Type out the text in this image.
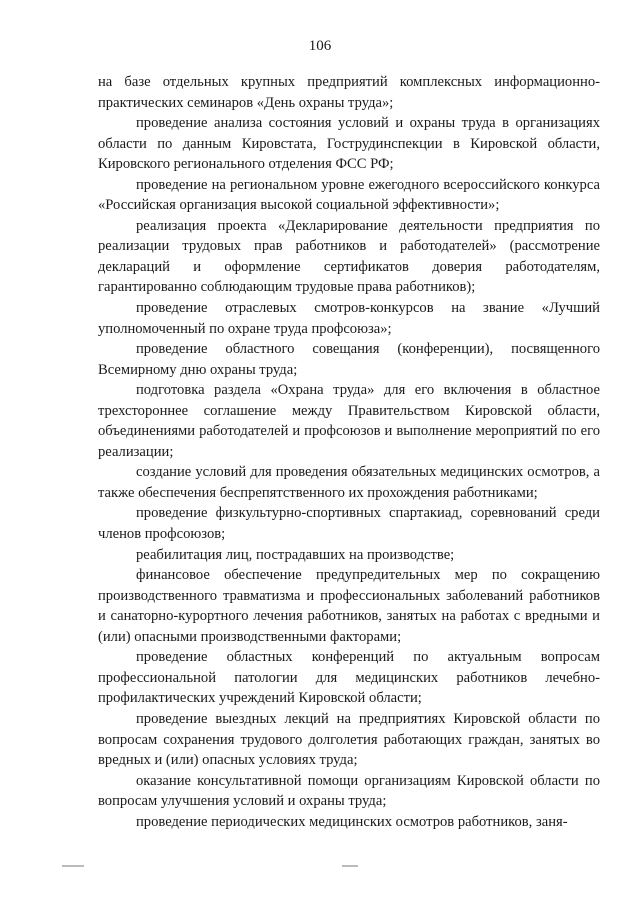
106

на базе отдельных крупных предприятий комплексных информационно-практических семинаров «День охраны труда»;

проведение анализа состояния условий и охраны труда в организациях области по данным Кировстата, Гострудинспекции в Кировской области, Кировского регионального отделения ФСС РФ;

проведение на региональном уровне ежегодного всероссийского конкурса «Российская организация высокой социальной эффективности»;

реализация проекта «Декларирование деятельности предприятия по реализации трудовых прав работников и работодателей» (рассмотрение деклараций и оформление сертификатов доверия работодателям, гарантированно соблюдающим трудовые права работников);

проведение отраслевых смотров-конкурсов на звание «Лучший уполномоченный по охране труда профсоюза»;

проведение областного совещания (конференции), посвященного Всемирному дню охраны труда;

подготовка раздела «Охрана труда» для его включения в областное трехстороннее соглашение между Правительством Кировской области, объединениями работодателей и профсоюзов и выполнение мероприятий по его реализации;

создание условий для проведения обязательных медицинских осмотров, а также обеспечения беспрепятственного их прохождения работниками;

проведение физкультурно-спортивных спартакиад, соревнований среди членов профсоюзов;

реабилитация лиц, пострадавших на производстве;

финансовое обеспечение предупредительных мер по сокращению производственного травматизма и профессиональных заболеваний работников и санаторно-курортного лечения работников, занятых на работах с вредными и (или) опасными производственными факторами;

проведение областных конференций по актуальным вопросам профессиональной патологии для медицинских работников лечебно-профилактических учреждений Кировской области;

проведение выездных лекций на предприятиях Кировской области по вопросам сохранения трудового долголетия работающих граждан, занятых во вредных и (или) опасных условиях труда;

оказание консультативной помощи организациям Кировской области по вопросам улучшения условий и охраны труда;

проведение периодических медицинских осмотров работников, заня-
